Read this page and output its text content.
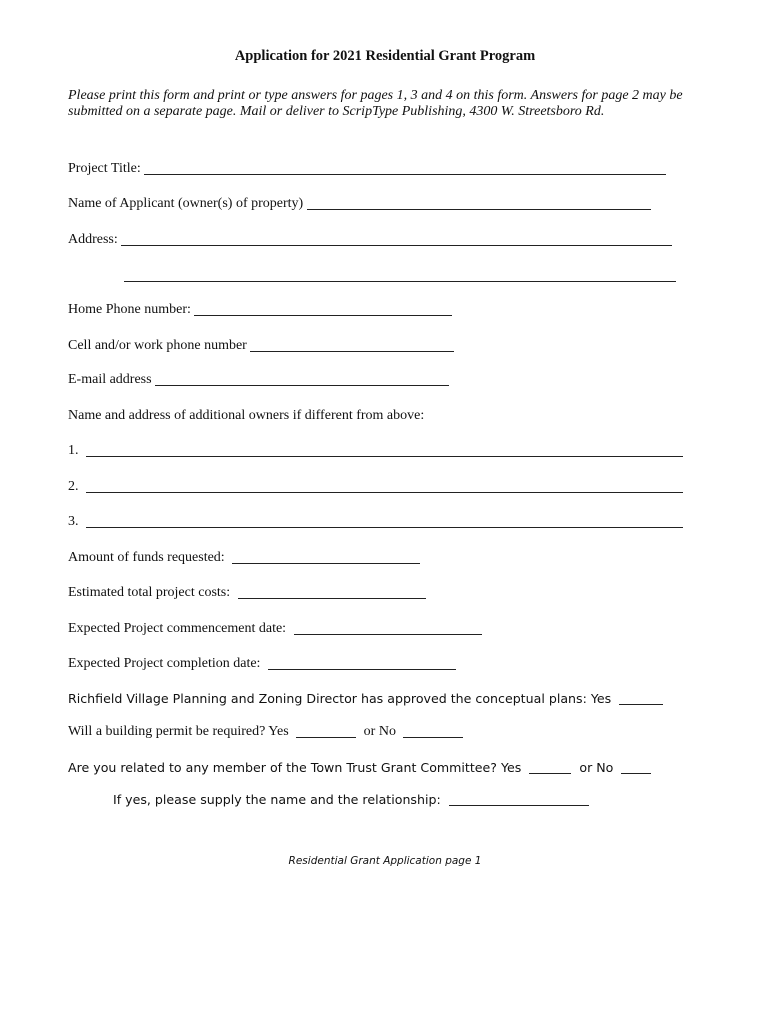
Application for 2021 Residential Grant Program
Please print this form and print or type answers for pages 1, 3 and 4 on this form. Answers for page 2 may be submitted on a separate page. Mail or deliver to ScripType Publishing, 4300 W. Streetsboro Rd.
Project Title:
Name of Applicant (owner(s) of property)
Address:
Home Phone number:
Cell and/or work phone number
E-mail address
Name and address of additional owners if different from above:
1.
2.
3.
Amount of funds requested:
Estimated total project costs:
Expected Project commencement date:
Expected Project completion date:
Richfield Village Planning and Zoning Director has approved the conceptual plans: Yes
Will a building permit be required? Yes	or No
Are you related to any member of the Town Trust Grant Committee? Yes	or No
If yes, please supply the name and the relationship:
Residential Grant Application page 1
